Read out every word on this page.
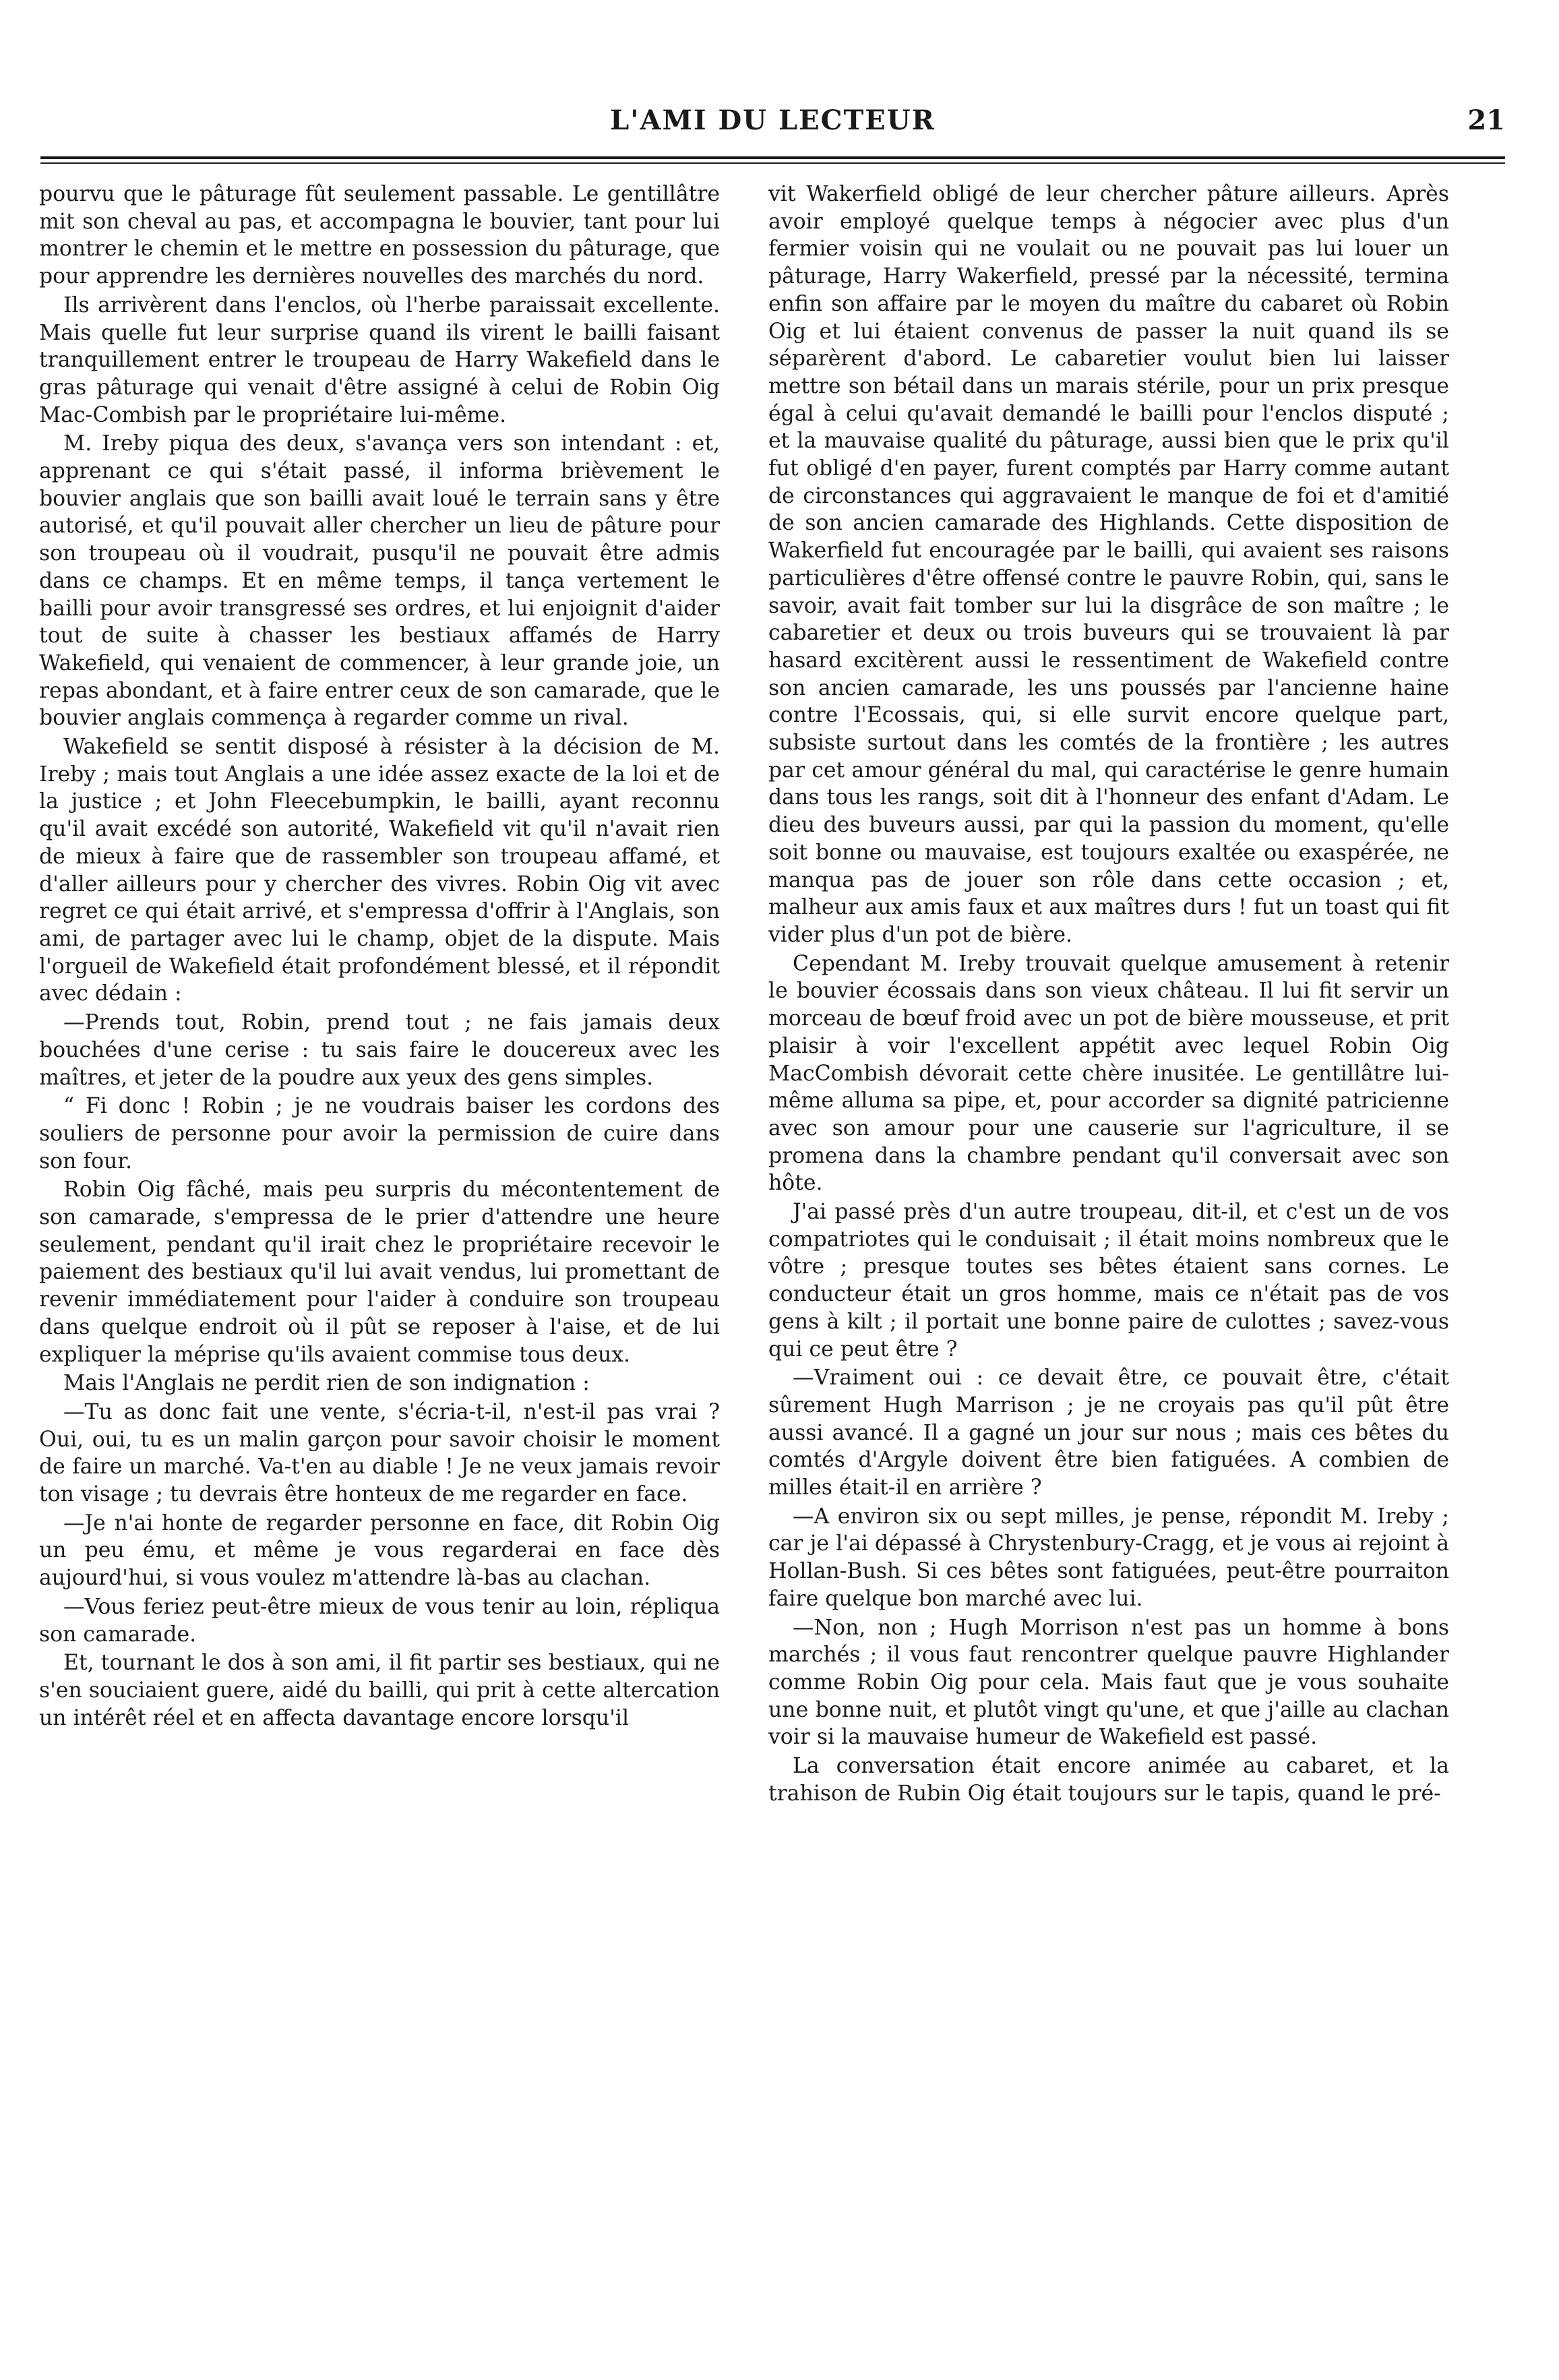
L'AMI DU LECTEUR	21

pourvu que le pâturage fût seulement passable. Le gentillâtre mit son cheval au pas, et accompagna le bouvier, tant pour lui montrer le chemin et le mettre en possession du pâturage, que pour apprendre les dernières nouvelles des marchés du nord.

Ils arrivèrent dans l'enclos, où l'herbe paraissait excellente. Mais quelle fut leur surprise quand ils virent le bailli faisant tranquillement entrer le troupeau de Harry Wakefield dans le gras pâturage qui venait d'être assigné à celui de Robin Oig Mac-Combish par le propriétaire lui-même.

M. Ireby piqua des deux, s'avança vers son intendant : et, apprenant ce qui s'était passé, il informa brièvement le bouvier anglais que son bailli avait loué le terrain sans y être autorisé, et qu'il pouvait aller chercher un lieu de pâture pour son troupeau où il voudrait, pusqu'il ne pouvait être admis dans ce champs. Et en même temps, il tança vertement le bailli pour avoir transgressé ses ordres, et lui enjoignit d'aider tout de suite à chasser les bestiaux affamés de Harry Wakefield, qui venaient de commencer, à leur grande joie, un repas abondant, et à faire entrer ceux de son camarade, que le bouvier anglais commença à regarder comme un rival.

Wakefield se sentit disposé à résister à la décision de M. Ireby ; mais tout Anglais a une idée assez exacte de la loi et de la justice ; et John Fleecebumpkin, le bailli, ayant reconnu qu'il avait excédé son autorité, Wakefield vit qu'il n'avait rien de mieux à faire que de rassembler son troupeau affamé, et d'aller ailleurs pour y chercher des vivres. Robin Oig vit avec regret ce qui était arrivé, et s'empressa d'offrir à l'Anglais, son ami, de partager avec lui le champ, objet de la dispute. Mais l'orgueil de Wakefield était profondément blessé, et il répondit avec dédain :

—Prends tout, Robin, prend tout ; ne fais jamais deux bouchées d'une cerise : tu sais faire le doucereux avec les maîtres, et jeter de la poudre aux yeux des gens simples.

“ Fi donc ! Robin ; je ne voudrais baiser les cordons des souliers de personne pour avoir la permission de cuire dans son four.

Robin Oig fâché, mais peu surpris du mécontentement de son camarade, s'empressa de le prier d'attendre une heure seulement, pendant qu'il irait chez le propriétaire recevoir le paiement des bestiaux qu'il lui avait vendus, lui promettant de revenir immédiatement pour l'aider à conduire son troupeau dans quelque endroit où il pût se reposer à l'aise, et de lui expliquer la méprise qu'ils avaient commise tous deux.

Mais l'Anglais ne perdit rien de son indignation :

—Tu as donc fait une vente, s'écria-t-il, n'est-il pas vrai ? Oui, oui, tu es un malin garçon pour savoir choisir le moment de faire un marché. Va-t'en au diable ! Je ne veux jamais revoir ton visage ; tu devrais être honteux de me regarder en face.

—Je n'ai honte de regarder personne en face, dit Robin Oig un peu ému, et même je vous regarderai en face dès aujourd'hui, si vous voulez m'attendre là-bas au clachan.

—Vous feriez peut-être mieux de vous tenir au loin, répliqua son camarade.

Et, tournant le dos à son ami, il fit partir ses bestiaux, qui ne s'en souciaient guere, aidé du bailli, qui prit à cette altercation un intérêt réel et en affecta davantage encore lorsqu'il

vit Wakerfield obligé de leur chercher pâture ailleurs. Après avoir employé quelque temps à négocier avec plus d'un fermier voisin qui ne voulait ou ne pouvait pas lui louer un pâturage, Harry Wakerfield, pressé par la nécessité, termina enfin son affaire par le moyen du maître du cabaret où Robin Oig et lui étaient convenus de passer la nuit quand ils se séparèrent d'abord. Le cabaretier voulut bien lui laisser mettre son bétail dans un marais stérile, pour un prix presque égal à celui qu'avait demandé le bailli pour l'enclos disputé ; et la mauvaise qualité du pâturage, aussi bien que le prix qu'il fut obligé d'en payer, furent comptés par Harry comme autant de circonstances qui aggravaient le manque de foi et d'amitié de son ancien camarade des Highlands. Cette disposition de Wakerfield fut encouragée par le bailli, qui avaient ses raisons particulières d'être offensé contre le pauvre Robin, qui, sans le savoir, avait fait tomber sur lui la disgrâce de son maître ; le cabaretier et deux ou trois buveurs qui se trouvaient là par hasard excitèrent aussi le ressentiment de Wakefield contre son ancien camarade, les uns poussés par l'ancienne haine contre l'Ecossais, qui, si elle survit encore quelque part, subsiste surtout dans les comtés de la frontière ; les autres par cet amour général du mal, qui caractérise le genre humain dans tous les rangs, soit dit à l'honneur des enfant d'Adam. Le dieu des buveurs aussi, par qui la passion du moment, qu'elle soit bonne ou mauvaise, est toujours exaltée ou exaspérée, ne manqua pas de jouer son rôle dans cette occasion ; et, malheur aux amis faux et aux maîtres durs ! fut un toast qui fit vider plus d'un pot de bière.

Cependant M. Ireby trouvait quelque amusement à retenir le bouvier écossais dans son vieux château. Il lui fit servir un morceau de bœuf froid avec un pot de bière mousseuse, et prit plaisir à voir l'excellent appétit avec lequel Robin Oig MacCombish dévorait cette chère inusitée. Le gentillâtre lui-même alluma sa pipe, et, pour accorder sa dignité patricienne avec son amour pour une causerie sur l'agriculture, il se promena dans la chambre pendant qu'il conversait avec son hôte.

J'ai passé près d'un autre troupeau, dit-il, et c'est un de vos compatriotes qui le conduisait ; il était moins nombreux que le vôtre ; presque toutes ses bêtes étaient sans cornes. Le conducteur était un gros homme, mais ce n'était pas de vos gens à kilt ; il portait une bonne paire de culottes ; savez-vous qui ce peut être ?

—Vraiment oui : ce devait être, ce pouvait être, c'était sûrement Hugh Marrison ; je ne croyais pas qu'il pût être aussi avancé. Il a gagné un jour sur nous ; mais ces bêtes du comtés d'Argyle doivent être bien fatiguées. A combien de milles était-il en arrière ?

—A environ six ou sept milles, je pense, répondit M. Ireby ; car je l'ai dépassé à Chrystenbury-Cragg, et je vous ai rejoint à Hollan-Bush. Si ces bêtes sont fatiguées, peut-être pourraiton faire quelque bon marché avec lui.

—Non, non ; Hugh Morrison n'est pas un homme à bons marchés ; il vous faut rencontrer quelque pauvre Highlander comme Robin Oig pour cela. Mais faut que je vous souhaite une bonne nuit, et plutôt vingt qu'une, et que j'aille au clachan voir si la mauvaise humeur de Wakefield est passé.

La conversation était encore animée au cabaret, et la trahison de Rubin Oig était toujours sur le tapis, quand le pré-
